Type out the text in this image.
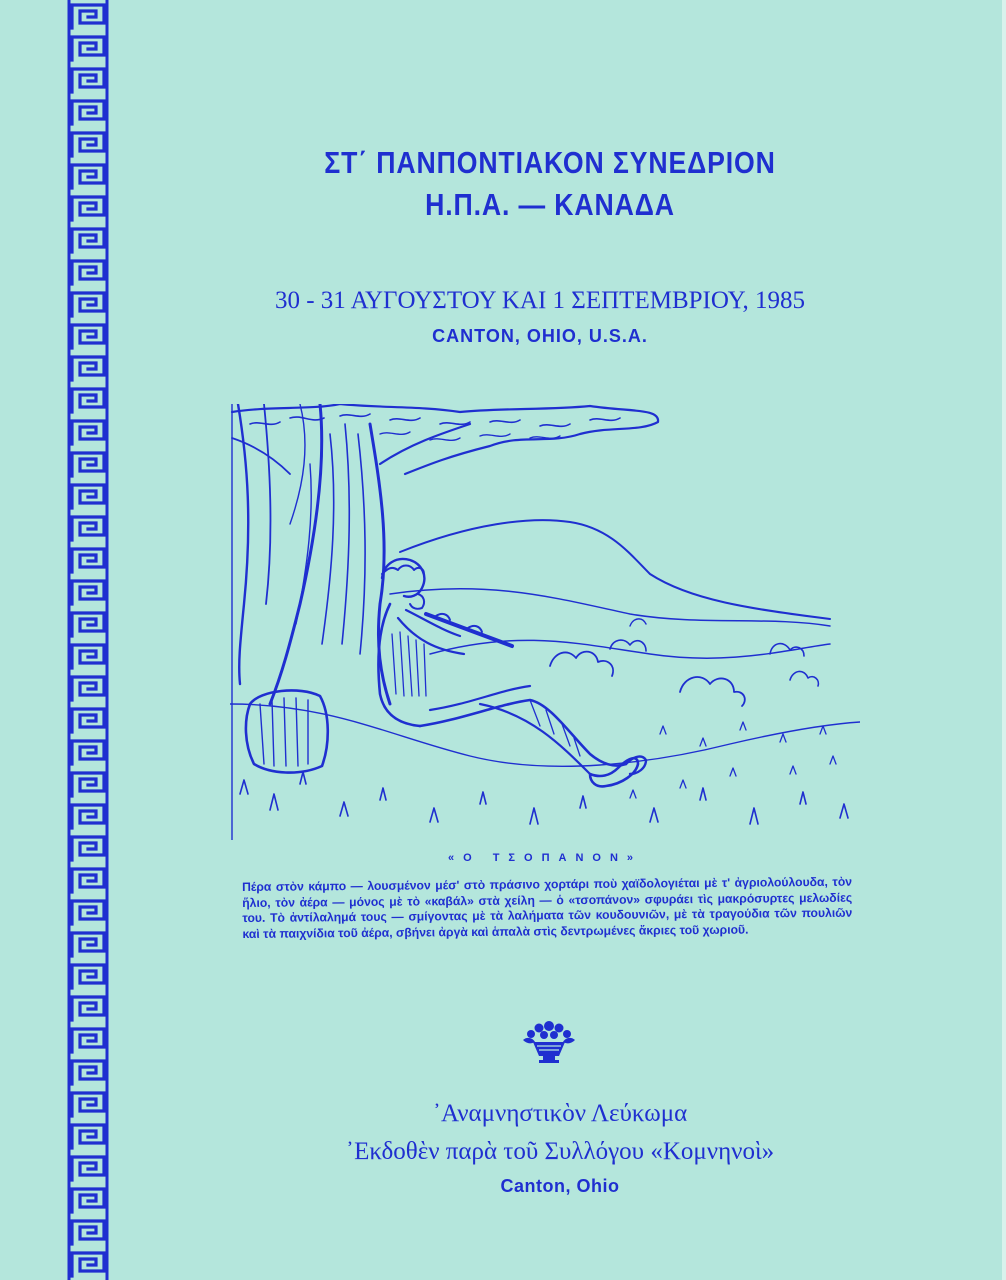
ΣΤ΄ ΠΑΝΠΟΝΤΙΑΚΟΝ ΣΥΝΕΔΡΙΟΝ
Η.Π.Α. — ΚΑΝΑΔΑ
30 - 31 ΑΥΓΟΥΣΤΟΥ ΚΑΙ 1 ΣΕΠΤΕΜΒΡΙΟΥ, 1985
CANTON, OHIO, U.S.A.
«Ο ΤΣΟΠΑΝΟΝ»
Πέρα στὸν κάμπο — λουσμένον μέσ' στὸ πράσινο χορτάρι ποὺ χαϊδολογιέται μὲ τ' ἀγριολούλουδα, τὸν ἥλιο, τὸν ἀέρα — μόνος μὲ τὸ «καβάλ» στὰ χείλη — ὁ «τσοπάνον» σφυράει τὶς μακρόσυρτες μελωδίες του. Τὸ ἀντίλαλημά τους — σμίγοντας μὲ τὰ λαλήματα τῶν κουδουνιῶν, μὲ τὰ τραγούδια τῶν πουλιῶν καὶ τὰ παιχνίδια τοῦ ἀέρα, σβήνει ἀργὰ καὶ ἁπαλὰ στὶς δεντρωμένες ἄκριες τοῦ χωριοῦ.
᾿Αναμνηστικὸν Λεύκωμα
᾿Εκδοθὲν παρὰ τοῦ Συλλόγου «Κομνηνοὶ»
Canton, Ohio
